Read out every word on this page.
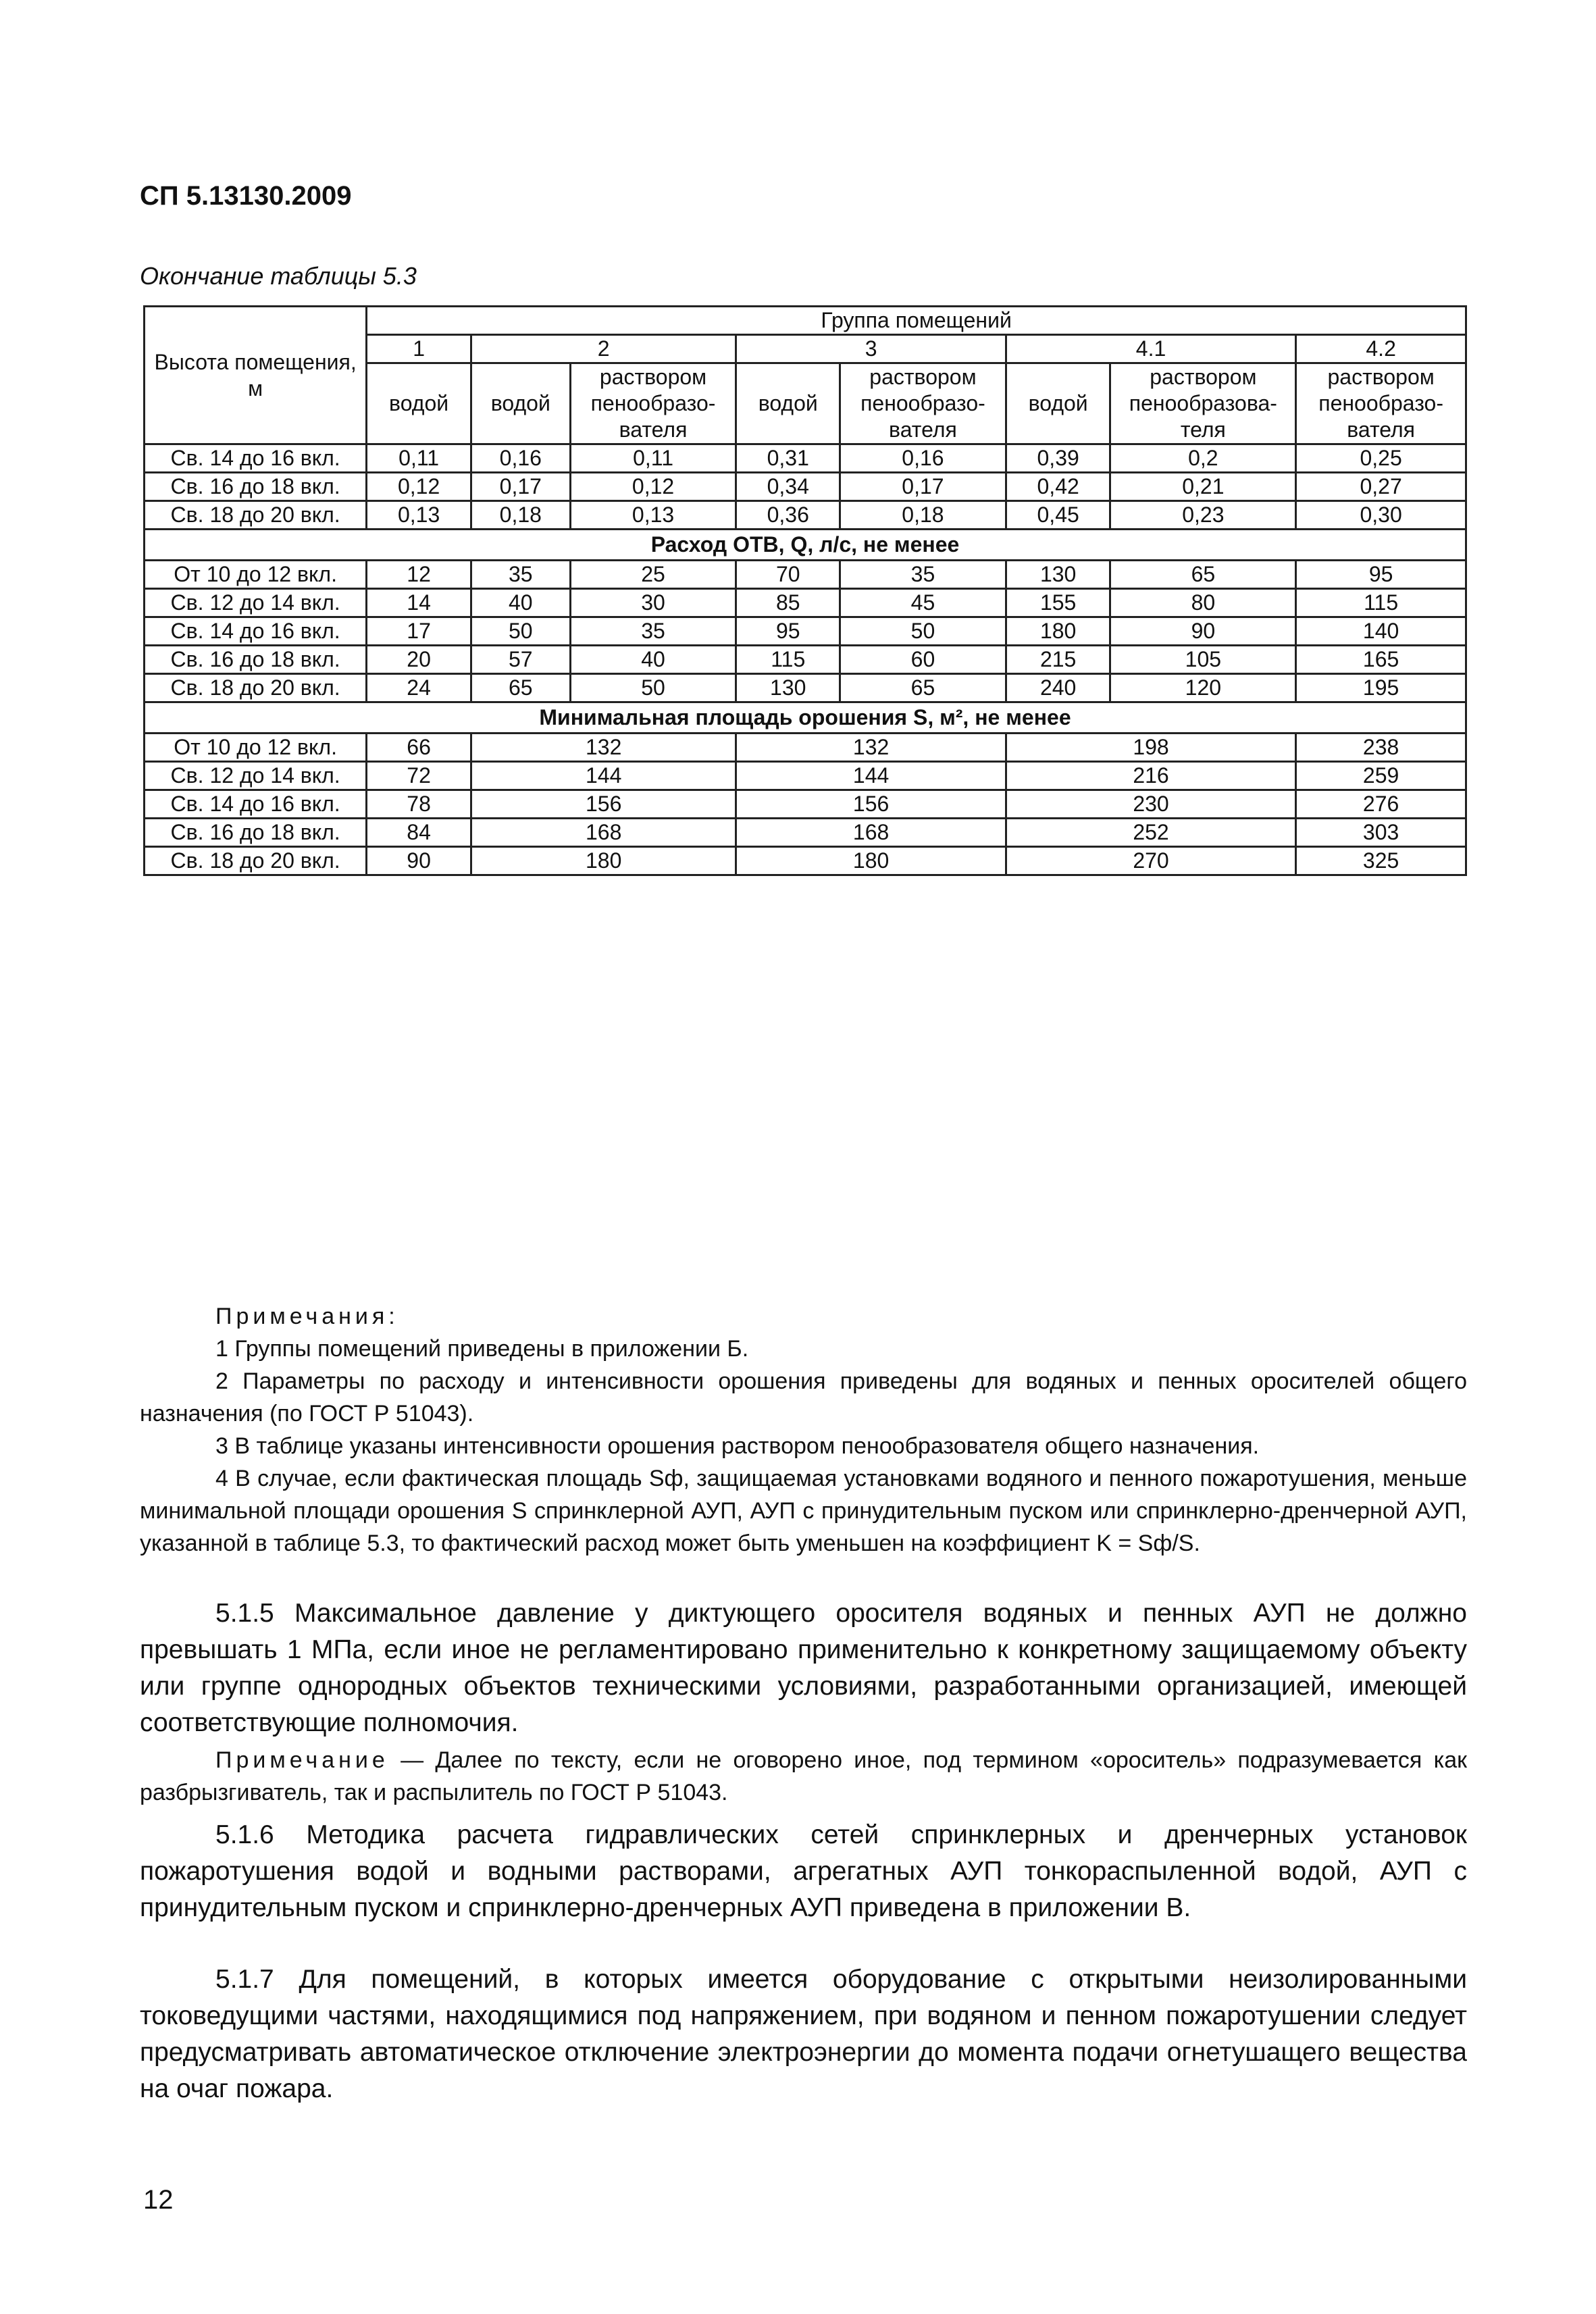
СП 5.13130.2009
Окончание таблицы 5.3
Высота помещения, м	Группа помещений							
	1	2		3		4.1		4.2
	водой	водой	раствором пенообразо-вателя	водой	раствором пенообразо-вателя	водой	раствором пенообразова-теля	раствором пенообразо-вателя
Св. 14 до 16 вкл.	0,11	0,16	0,11	0,31	0,16	0,39	0,2	0,25
Св. 16 до 18 вкл.	0,12	0,17	0,12	0,34	0,17	0,42	0,21	0,27
Св. 18 до 20 вкл.	0,13	0,18	0,13	0,36	0,18	0,45	0,23	0,30
Расход ОТВ, Q, л/с, не менее								
От 10 до 12 вкл.	12	35	25	70	35	130	65	95
Св. 12 до 14 вкл.	14	40	30	85	45	155	80	115
Св. 14 до 16 вкл.	17	50	35	95	50	180	90	140
Св. 16 до 18 вкл.	20	57	40	115	60	215	105	165
Св. 18 до 20 вкл.	24	65	50	130	65	240	120	195
Минимальная площадь орошения S, м², не менее								
От 10 до 12 вкл.	66	132		132		198		238
Св. 12 до 14 вкл.	72	144		144		216		259
Св. 14 до 16 вкл.	78	156		156		230		276
Св. 16 до 18 вкл.	84	168		168		252		303
Св. 18 до 20 вкл.	90	180		180		270		325

Примечания:

1 Группы помещений приведены в приложении Б.

2 Параметры по расходу и интенсивности орошения приведены для водяных и пенных оросителей общего назначения (по ГОСТ Р 51043).

3 В таблице указаны интенсивности орошения раствором пенообразователя общего назначения.

4 В случае, если фактическая площадь Sф, защищаемая установками водяного и пенного пожаротушения, меньше минимальной площади орошения S спринклерной АУП, АУП с принудительным пуском или спринклерно-дренчерной АУП, указанной в таблице 5.3, то фактический расход может быть уменьшен на коэффициент K = Sф/S.

5.1.5 Максимальное давление у диктующего оросителя водяных и пенных АУП не должно превышать 1 МПа, если иное не регламентировано применительно к конкретному защищаемому объекту или группе однородных объектов техническими условиями, разработанными организацией, имеющей соответствующие полномочия.

Примечание — Далее по тексту, если не оговорено иное, под термином «ороситель» подразумевается как разбрызгиватель, так и распылитель по ГОСТ Р 51043.

5.1.6 Методика расчета гидравлических сетей спринклерных и дренчерных установок пожаротушения водой и водными растворами, агрегатных АУП тонкораспыленной водой, АУП с принудительным пуском и спринклерно-дренчерных АУП приведена в приложении В.

5.1.7 Для помещений, в которых имеется оборудование с открытыми неизолированными токоведущими частями, находящимися под напряжением, при водяном и пенном пожаротушении следует предусматривать автоматическое отключение электроэнергии до момента подачи огнетушащего вещества на очаг пожара.

12
